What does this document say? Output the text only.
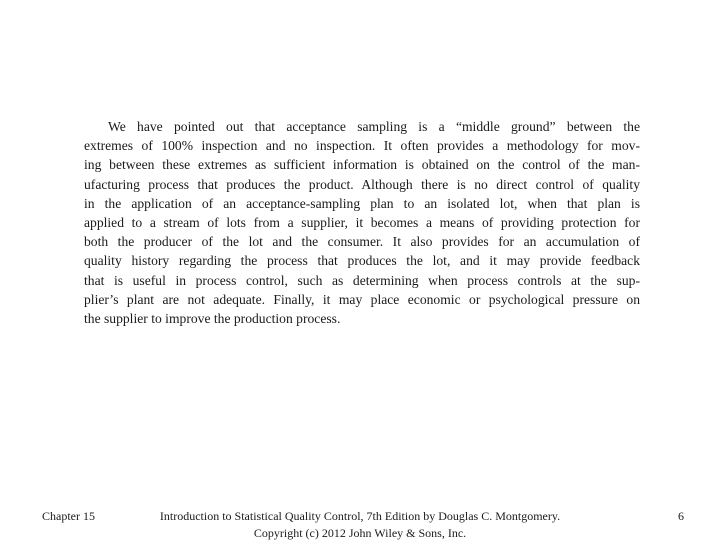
We have pointed out that acceptance sampling is a “middle ground” between the
extremes of 100% inspection and no inspection. It often provides a methodology for mov-
ing between these extremes as sufficient information is obtained on the control of the man-
ufacturing process that produces the product. Although there is no direct control of quality
in the application of an acceptance-sampling plan to an isolated lot, when that plan is
applied to a stream of lots from a supplier, it becomes a means of providing protection for
both the producer of the lot and the consumer. It also provides for an accumulation of
quality history regarding the process that produces the lot, and it may provide feedback
that is useful in process control, such as determining when process controls at the sup-
plier’s plant are not adequate. Finally, it may place economic or psychological pressure on
the supplier to improve the production process.

Chapter 15	Introduction to Statistical Quality Control, 7th Edition by Douglas C. Montgomery.
Copyright (c) 2012 John Wiley & Sons, Inc.
6
